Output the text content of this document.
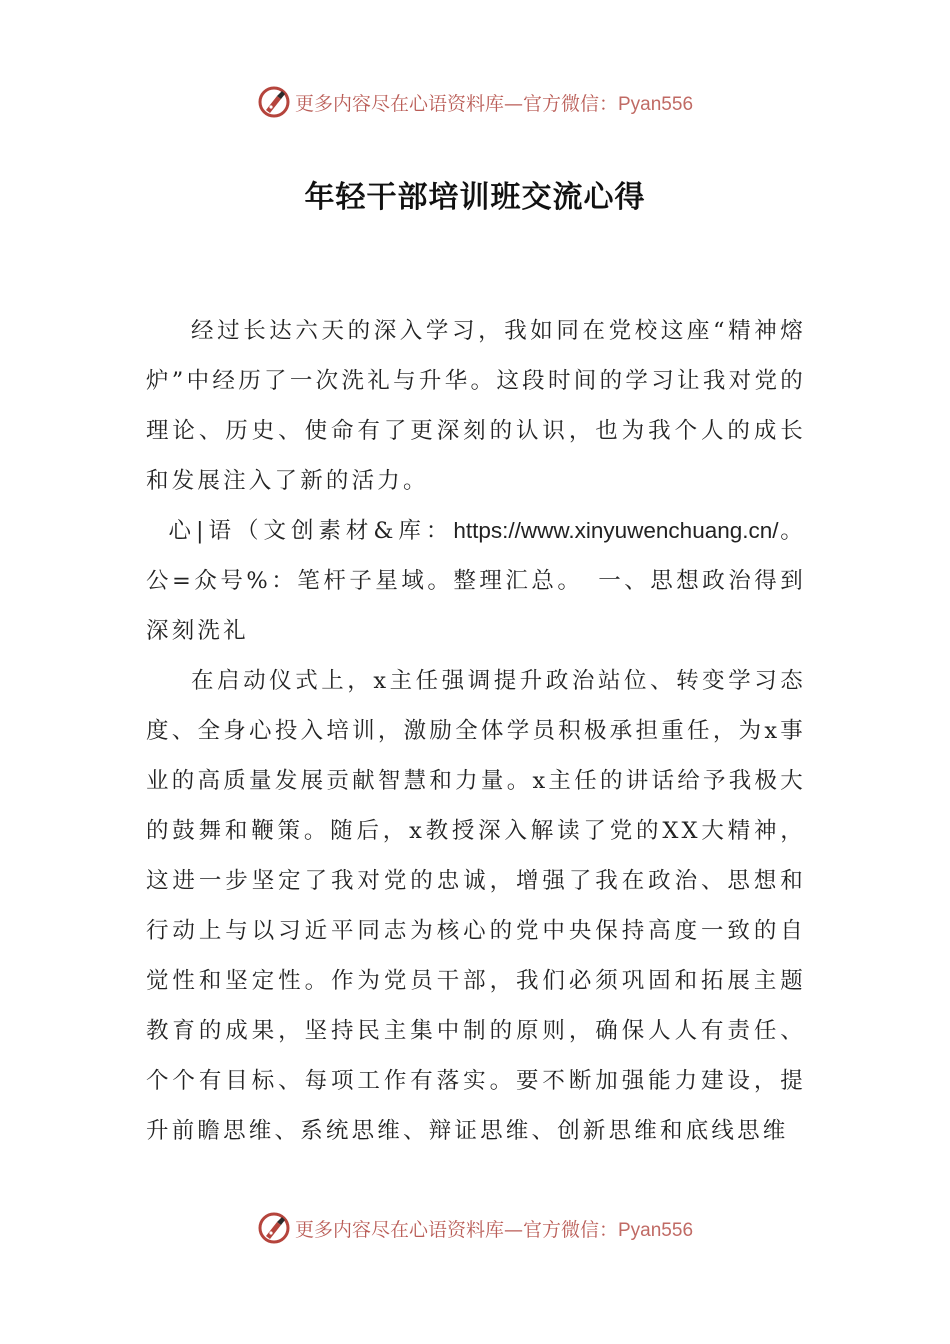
更多内容尽在心语资料库—官方微信：Pyan556
年轻干部培训班交流心得

经过长达六天的深入学习，我如同在党校这座“精神熔炉”中经历了一次洗礼与升华。这段时间的学习让我对党的理论、历史、使命有了更深刻的认识，也为我个人的成长和发展注入了新的活力。

心|语（文创素材&库：https://www.xinyuwenchuang.cn/。公=众号%：笔杆子星域。整理汇总。　一、思想政治得到深刻洗礼

在启动仪式上，x主任强调提升政治站位、转变学习态度、全身心投入培训，激励全体学员积极承担重任，为x事业的高质量发展贡献智慧和力量。x主任的讲话给予我极大的鼓舞和鞭策。随后，x教授深入解读了党的XX大精神，这进一步坚定了我对党的忠诚，增强了我在政治、思想和行动上与以习近平同志为核心的党中央保持高度一致的自觉性和坚定性。作为党员干部，我们必须巩固和拓展主题教育的成果，坚持民主集中制的原则，确保人人有责任、个个有目标、每项工作有落实。要不断加强能力建设，提升前瞻思维、系统思维、辩证思维、创新思维和底线思维

更多内容尽在心语资料库—官方微信：Pyan556
